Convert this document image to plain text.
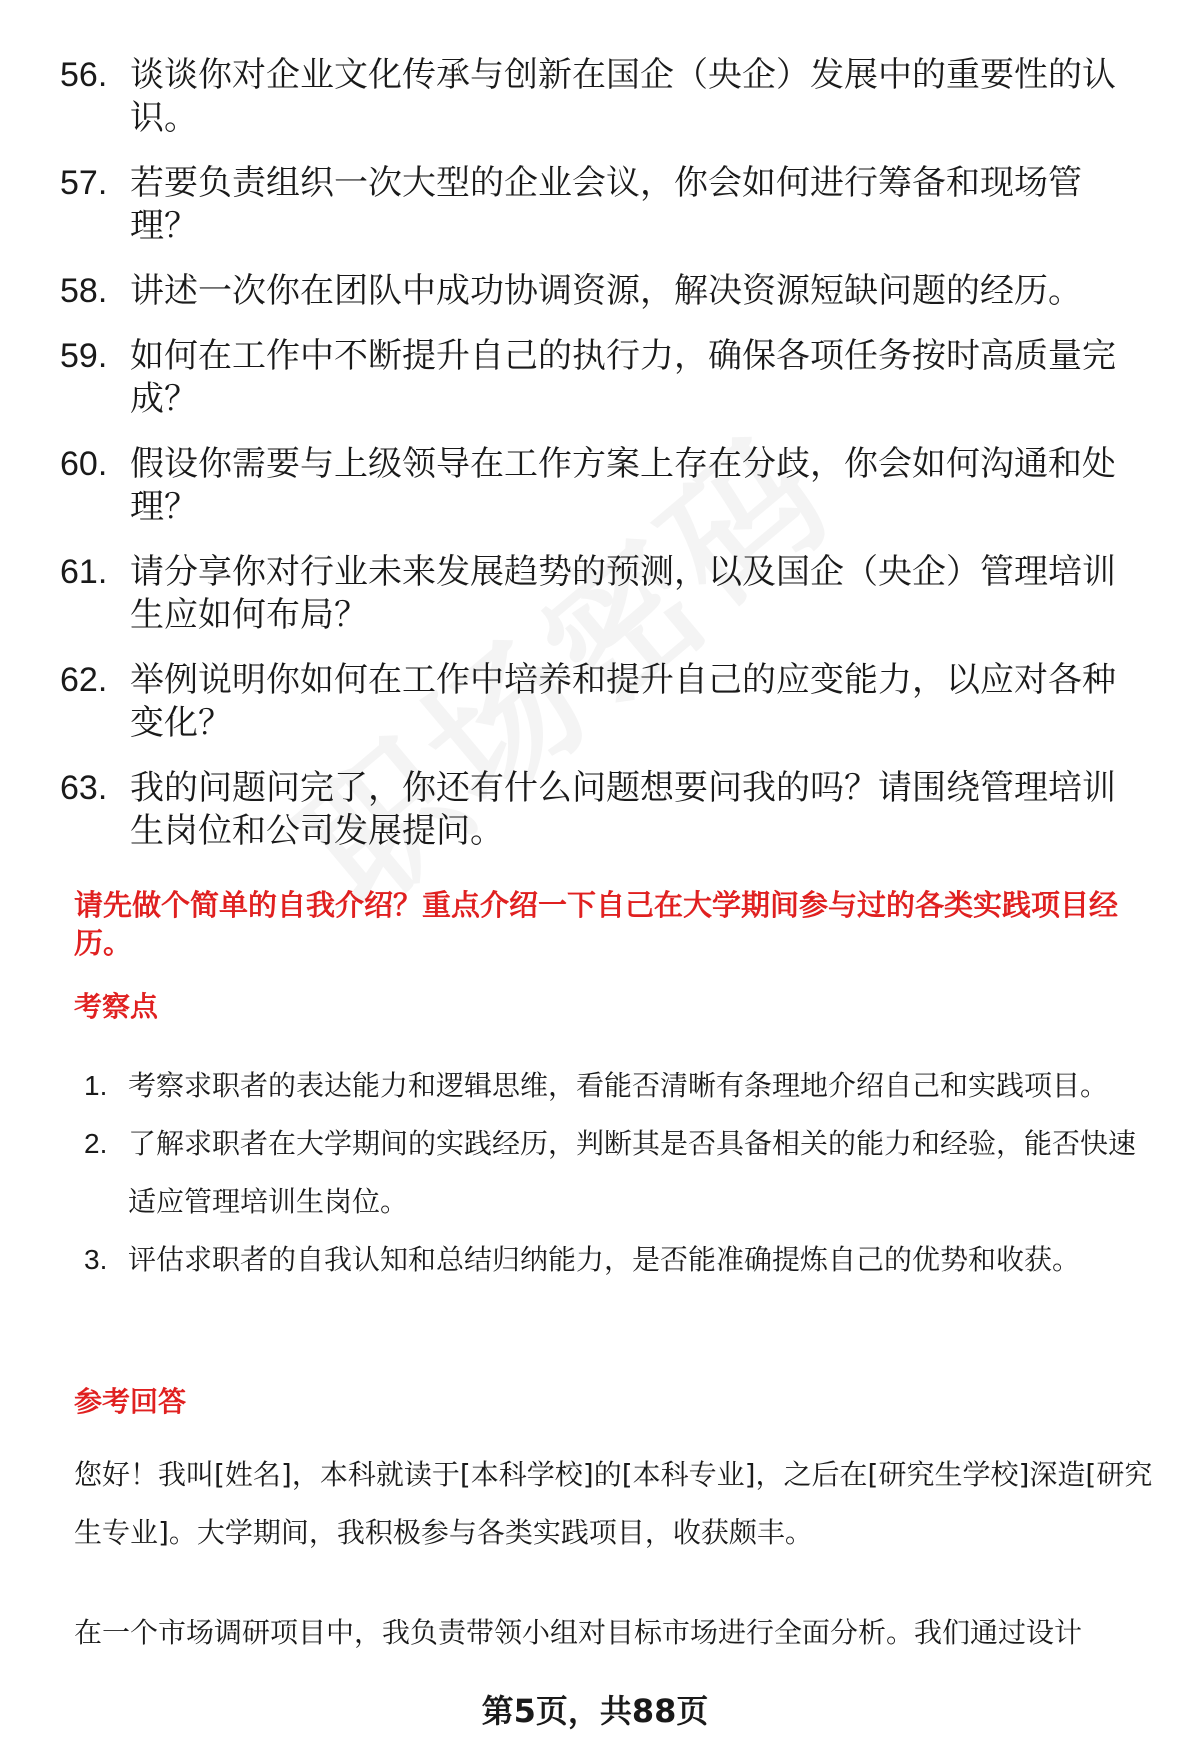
56. 谈谈你对企业文化传承与创新在国企（央企）发展中的重要性的认识。
57. 若要负责组织一次大型的企业会议，你会如何进行筹备和现场管理？
58. 讲述一次你在团队中成功协调资源，解决资源短缺问题的经历。
59. 如何在工作中不断提升自己的执行力，确保各项任务按时高质量完成？
60. 假设你需要与上级领导在工作方案上存在分歧，你会如何沟通和处理？
61. 请分享你对行业未来发展趋势的预测，以及国企（央企）管理培训生应如何布局？
62. 举例说明你如何在工作中培养和提升自己的应变能力，以应对各种变化？
63. 我的问题问完了，你还有什么问题想要问我的吗？请围绕管理培训生岗位和公司发展提问。
请先做个简单的自我介绍？重点介绍一下自己在大学期间参与过的各类实践项目经历。
考察点
1. 考察求职者的表达能力和逻辑思维，看能否清晰有条理地介绍自己和实践项目。
2. 了解求职者在大学期间的实践经历，判断其是否具备相关的能力和经验，能否快速适应管理培训生岗位。
3. 评估求职者的自我认知和总结归纳能力，是否能准确提炼自己的优势和收获。
参考回答
您好！我叫[姓名]，本科就读于[本科学校]的[本科专业]，之后在[研究生学校]深造[研究生专业]。大学期间，我积极参与各类实践项目，收获颇丰。
在一个市场调研项目中，我负责带领小组对目标市场进行全面分析。我们通过设计
第5页，共88页
